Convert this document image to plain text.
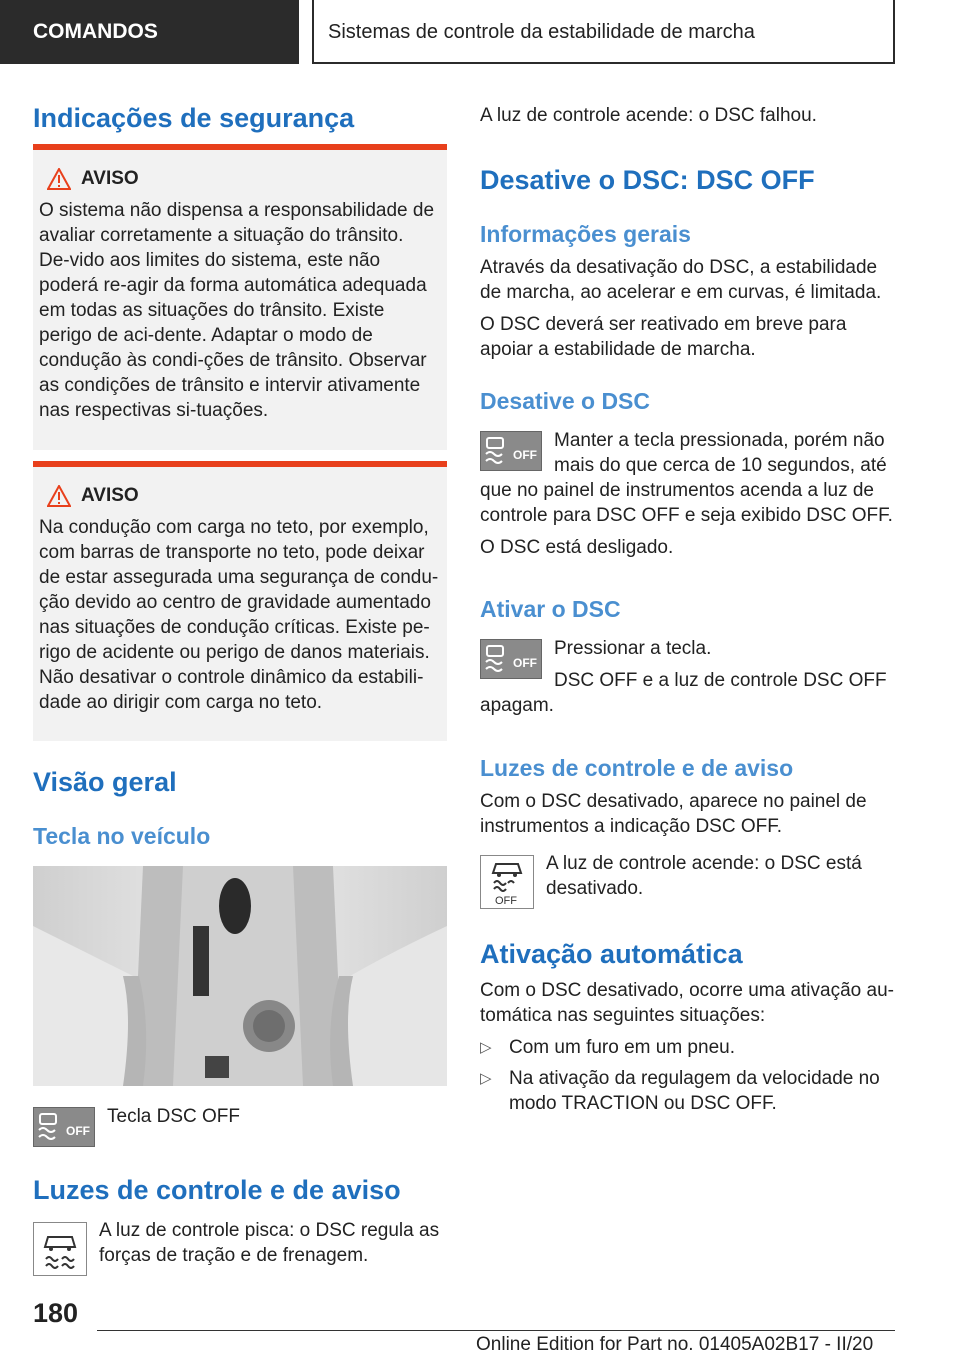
COMANDOS	Sistemas de controle da estabilidade de marcha
Indicações de segurança
AVISO
O sistema não dispensa a responsabilidade de avaliar corretamente a situação do trânsito. De-vido aos limites do sistema, este não poderá re-agir da forma automática adequada em todas as situações do trânsito. Existe perigo de aci-dente. Adaptar o modo de condução às condi-ções de trânsito. Observar as condições de trânsito e intervir ativamente nas respectivas si-tuações.
AVISO
Na condução com carga no teto, por exemplo, com barras de transporte no teto, pode deixar de estar assegurada uma segurança de condu-ção devido ao centro de gravidade aumentado nas situações de condução críticas. Existe pe-rigo de acidente ou perigo de danos materiais. Não desativar o controle dinâmico da estabili-dade ao dirigir com carga no teto.
Visão geral
Tecla no veículo
OFF

Tecla DSC OFF

Luzes de controle e de aviso

A luz de controle pisca: o DSC regula as forças de tração e de frenagem.

A luz de controle acende: o DSC falhou.

Desative o DSC: DSC OFF
Informações gerais

Através da desativação do DSC, a estabilidade de marcha, ao acelerar e em curvas, é limitada.

O DSC deverá ser reativado em breve para apoiar a estabilidade de marcha.

Desative o DSC
OFF

Manter a tecla pressionada, porém não mais do que cerca de 10 segundos, até

que no painel de instrumentos acenda a luz de controle para DSC OFF e seja exibido DSC OFF.

O DSC está desligado.

Ativar o DSC
OFF

Pressionar a tecla.

DSC OFF e a luz de controle DSC OFF

apagam.

Luzes de controle e de aviso

Com o DSC desativado, aparece no painel de instrumentos a indicação DSC OFF.

OFF

A luz de controle acende: o DSC está desativado.

Ativação automática

Com o DSC desativado, ocorre uma ativação au-tomática nas seguintes situações:

▷ Com um furo em um pneu.
▷ Na ativação da regulagem da velocidade no modo TRACTION ou DSC OFF.
180
Online Edition for Part no. 01405A02B17 - II/20
